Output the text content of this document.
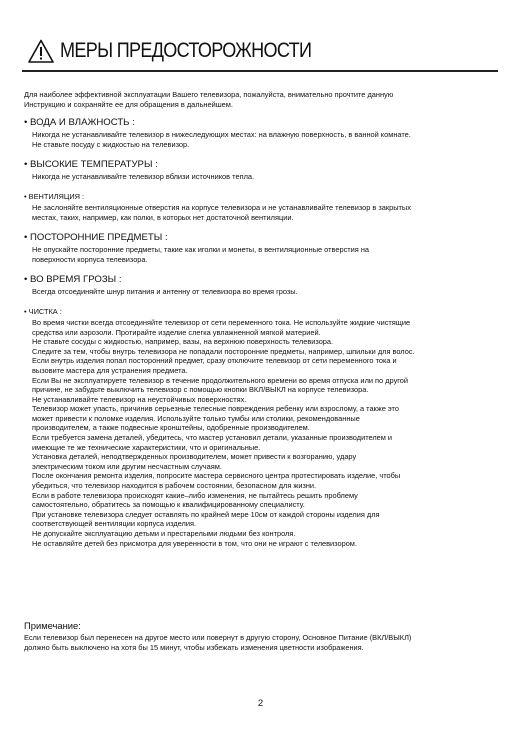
МЕРЫ ПРЕДОСТОРОЖНОСТИ

Для наиболее эффективной эксплуатации Вашего телевизора, пожалуйста, внимательно прочтите данную

Инструкцию и сохраняйте ее для обращения в дальнейшем.

• ВОДА И ВЛАЖНОСТЬ :

Никогда не устанавливайте телевизор в нижеследующих местах: на влажную поверхность, в ванной комнате.

Не ставьте посуду с жидкостью на телевизор.

• ВЫСОКИЕ ТЕМПЕРАТУРЫ :

Никогда не устанавливайте телевизор вблизи источников тепла.

• ВЕНТИЛЯЦИЯ :

Не заслоняйте вентиляционные отверстия на корпусе телевизора и не устанавливайте телевизор в закрытых

местах, таких, например, как полки, в которых нет достаточной вентиляции.

• ПОСТОРОННИЕ ПРЕДМЕТЫ :

Не опускайте посторонние предметы, такие как иголки и монеты, в вентиляционные отверстия на

поверхности корпуса телевизора.

• ВО ВРЕМЯ ГРОЗЫ :

Всегда отсоединяйте шнур питания и антенну от телевизора во время грозы.

• ЧИСТКА :

Во время чистки всегда отсоединяйте телевизор от сети переменного тока. Не используйте жидкие чистящие

средства или аэрозоли. Протирайте изделие слегка увлажненной мягкой материей.

Не ставьте сосуды с жидкостью, например, вазы, на верхнюю поверхность телевизора.

Следите за тем, чтобы внутрь телевизора не попадали посторонние предметы, например, шпильки для волос.

Если внутрь изделия попал посторонний предмет, сразу отключите телевизор от сети переменного тока и

вызовите мастера для устранения предмета.

Если Вы не эксплуатируете телевизор в течение продолжительного времени во время отпуска или по другой

причине, не забудьте выключить телевизор с помощью кнопки ВКЛ/ВЫКЛ на корпусе телевизора.

Не устанавливайте телевизор на неустойчивых поверхностях.

Телевизор может упасть, причинив серьезные телесные повреждения ребенку или взрослому, а также это

может привести к поломке изделия. Используйте только тумбы или столики, рекомендованные

производителем, а также подвесные кронштейны, одобренные производителем.

Если требуется замена деталей, убедитесь, что мастер установил детали, указанные производителем и

имеющие те же технические характеристики, что и оригинальные.

Установка деталей, неподтвержденных производителем, может привести к возгоранию, удару

электрическим током или другим несчастным случаям.

После окончания ремонта изделия, попросите мастера сервисного центра протестировать изделие, чтобы

убедиться, что телевизор находится в рабочем состоянии, безопасном для жизни.

Если в работе телевизора происходят какие–либо изменения, не пытайтесь решить проблему

самостоятельно, обратитесь за помощью к квалифицированному специалисту.

При установке телевизора следует оставлять по крайней мере 10см от каждой стороны изделия для

соответствующей вентиляции корпуса изделия.

Не допускайте эксплуатацию детьми и престарелыми людьми без контроля.

Не оставляйте детей без присмотра для уверенности в том, что они не играют с телевизором.

Примечание:

Если телевизор был перенесен на другое место или повернут в другую сторону, Основное Питание (ВКЛ/ВЫКЛ)

должно быть выключено на хотя бы 15 минут, чтобы избежать изменения цветности изображения.

2
